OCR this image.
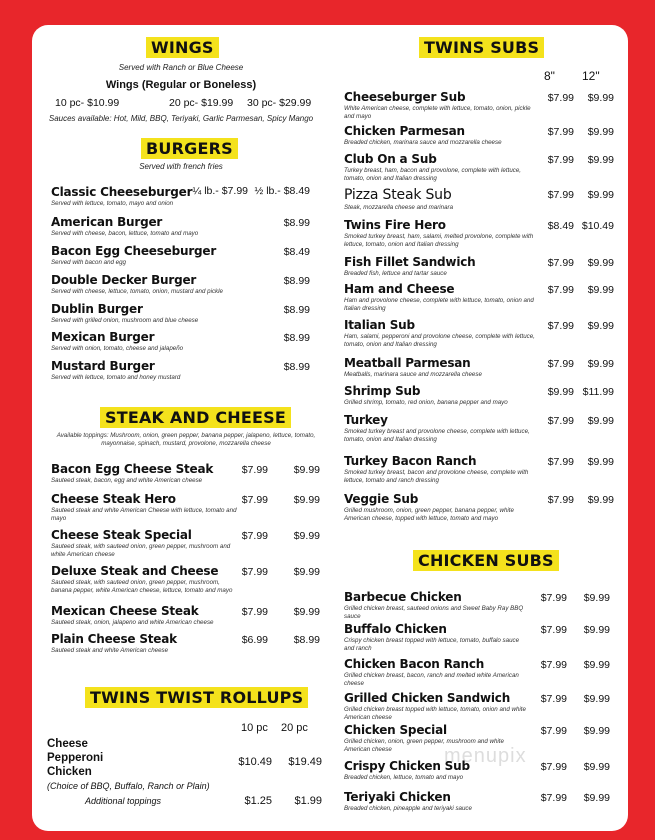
WINGS
Served with Ranch or Blue Cheese
Wings (Regular or Boneless)
10 pc- $10.99	20 pc- $19.99 30 pc- $29.99
Sauces available: Hot, Mild, BBQ, Teriyaki, Garlic Parmesan, Spicy Mango
BURGERS
Served with french fries
Classic Cheeseburger
Served with lettuce, tomato, mayo and onion
¼ lb.- $7.99 ½ lb.- $8.49
American Burger
Served with cheese, bacon, lettuce, tomato and mayo
$8.99
Bacon Egg Cheeseburger
Served with bacon and egg
$8.49
Double Decker Burger
Served with cheese, lettuce, tomato, onion, mustard and pickle
$8.99
Dublin Burger
Served with grilled onion, mushroom and blue cheese
$8.99
Mexican Burger
Served with onion, tomato, cheese and jalapeño
$8.99
Mustard Burger
Served with lettuce, tomato and honey mustard
$8.99
STEAK AND CHEESE
Available toppings: Mushroom, onion, green pepper, banana pepper, jalapeno, lettuce, tomato, mayonnaise, spinach, mustard, provolone, mozzarella cheese
Bacon Egg Cheese Steak
Sauteed steak, bacon, egg and white American cheese
$7.99	$9.99
Cheese Steak Hero
Sauteed steak and white American Cheese with lettuce, tomato and mayo
$7.99	$9.99
Cheese Steak Special
Sauteed steak, with sauteed onion, green pepper, mushroom and white American cheese
$7.99	$9.99
Deluxe Steak and Cheese
Sauteed steak, with sauteed onion, green pepper, mushroom, banana pepper, white American cheese, lettuce, tomato and mayo
$7.99	$9.99
Mexican Cheese Steak
Sauteed steak, onion, jalapeno and white American cheese
$7.99	$9.99
Plain Cheese Steak
Sauteed steak and white American cheese
$6.99	$8.99
TWINS TWIST ROLLUPS
10 pc 20 pc
Cheese
Pepperoni
Chicken
$10.49	$19.49
(Choice of BBQ, Buffalo, Ranch or Plain)
Additional toppings	$1.25	$1.99
TWINS SUBS
8" 12"
Cheeseburger Sub
White American cheese, complete with lettuce, tomato, onion, pickle and mayo
$7.99	$9.99
Chicken Parmesan
Breaded chicken, marinara sauce and mozzarella cheese
$7.99	$9.99
Club On a Sub
Turkey breast, ham, bacon and provolone, complete with lettuce, tomato, onion and Italian dressing
$7.99	$9.99
Pizza Steak Sub
Steak, mozzarella cheese and marinara
$7.99	$9.99
Twins Fire Hero
Smoked turkey breast, ham, salami, melted provolone, complete with lettuce, tomato, onion and Italian dressing
$8.49 $10.49
Fish Fillet Sandwich
Breaded fish, lettuce and tartar sauce
$7.99	$9.99
Ham and Cheese
Ham and provolone cheese, complete with lettuce, tomato, onion and Italian dressing
$7.99	$9.99
Italian Sub
Ham, salami, pepperoni and provolone cheese, complete with lettuce, tomato, onion and Italian dressing
$7.99	$9.99
Meatball Parmesan
Meatballs, marinara sauce and mozzarella cheese
$7.99	$9.99
Shrimp Sub
Grilled shrimp, tomato, red onion, banana pepper and mayo
$9.99 $11.99
Turkey
Smoked turkey breast and provolone cheese, complete with lettuce, tomato, onion and Italian dressing
$7.99	$9.99
Turkey Bacon Ranch
Smoked turkey breast, bacon and provolone cheese, complete with lettuce, tomato and ranch dressing
$7.99	$9.99
Veggie Sub
Grilled mushroom, onion, green pepper, banana pepper, white American cheese, topped with lettuce, tomato and mayo
$7.99	$9.99
CHICKEN SUBS
Barbecue Chicken
Grilled chicken breast, sauteed onions and Sweet Baby Ray BBQ sauce
$7.99	$9.99
Buffalo Chicken
Crispy chicken breast topped with lettuce, tomato, buffalo sauce and ranch
$7.99	$9.99
Chicken Bacon Ranch
Grilled chicken breast, bacon, ranch and melted white American cheese
$7.99	$9.99
Grilled Chicken Sandwich
Grilled chicken breast topped with lettuce, tomato, onion and white American cheese
$7.99	$9.99
Chicken Special
Grilled chicken, onion, green pepper, mushroom and white American cheese
$7.99	$9.99
Crispy Chicken Sub
Breaded chicken, lettuce, tomato and mayo
$7.99	$9.99
Teriyaki Chicken
Breaded chicken, pineapple and teriyaki sauce
$7.99	$9.99
menupix
